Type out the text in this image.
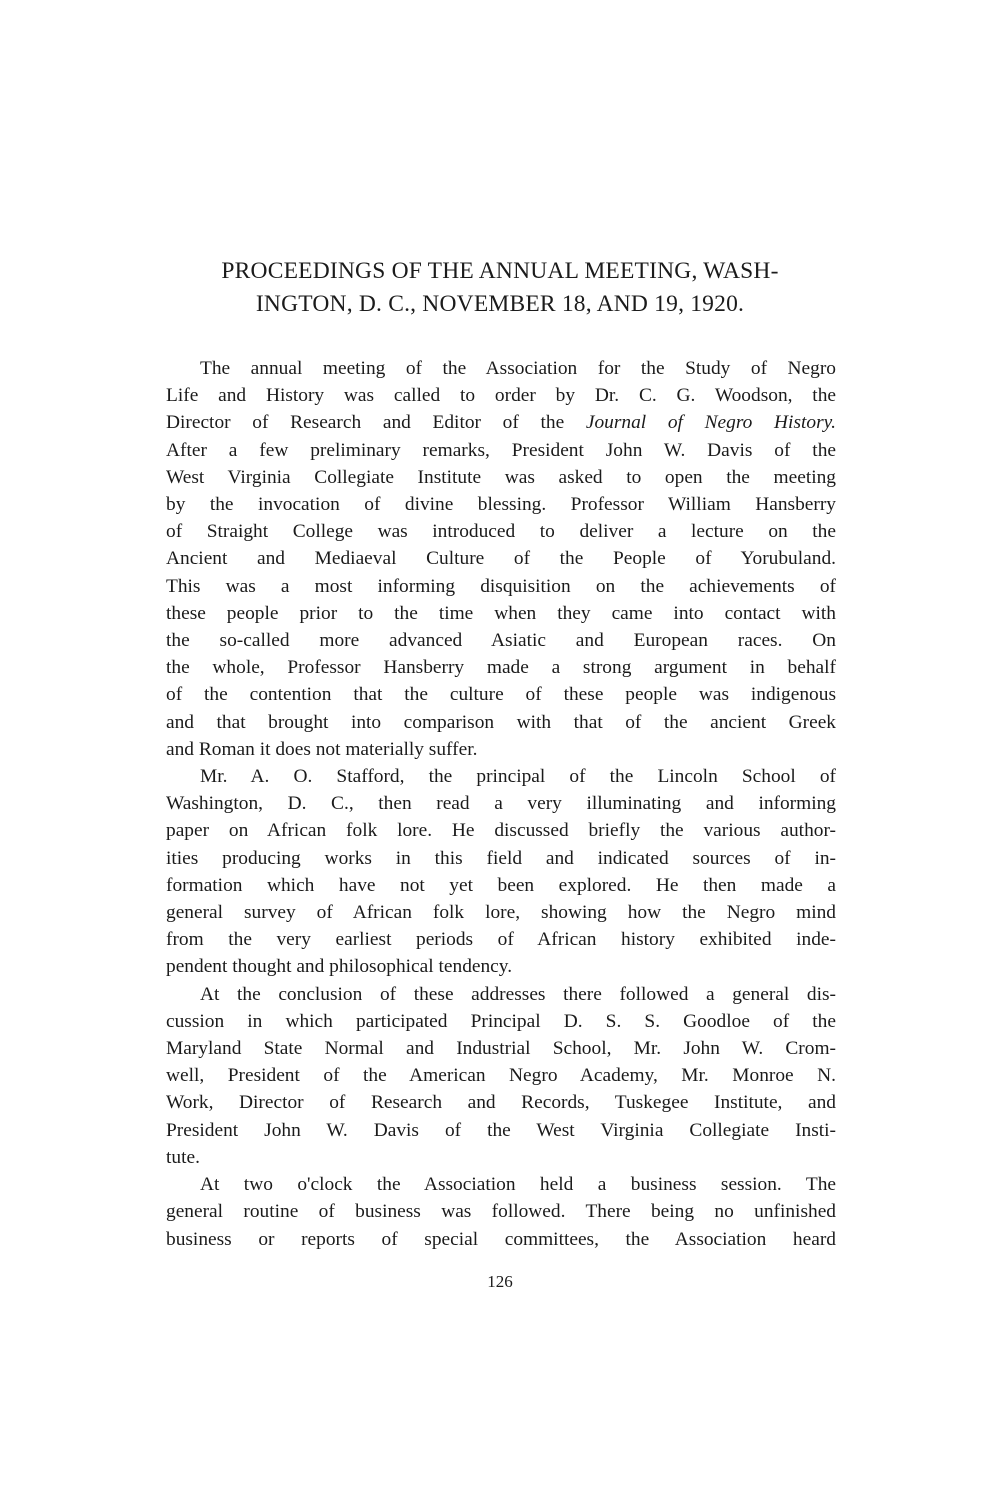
PROCEEDINGS OF THE ANNUAL MEETING, WASH-
INGTON, D. C., NOVEMBER 18, AND 19, 1920.

The annual meeting of the Association for the Study of Negro
Life and History was called to order by Dr. C. G. Woodson, the
Director of Research and Editor of the Journal of Negro History.
After a few preliminary remarks, President John W. Davis of the
West Virginia Collegiate Institute was asked to open the meeting
by the invocation of divine blessing. Professor William Hansberry
of Straight College was introduced to deliver a lecture on the
Ancient and Mediaeval Culture of the People of Yorubuland.
This was a most informing disquisition on the achievements of
these people prior to the time when they came into contact with
the so-called more advanced Asiatic and European races. On
the whole, Professor Hansberry made a strong argument in behalf
of the contention that the culture of these people was indigenous
and that brought into comparison with that of the ancient Greek
and Roman it does not materially suffer.

Mr. A. O. Stafford, the principal of the Lincoln School of
Washington, D. C., then read a very illuminating and informing
paper on African folk lore. He discussed briefly the various author-
ities producing works in this field and indicated sources of in-
formation which have not yet been explored. He then made a
general survey of African folk lore, showing how the Negro mind
from the very earliest periods of African history exhibited inde-
pendent thought and philosophical tendency.

At the conclusion of these addresses there followed a general dis-
cussion in which participated Principal D. S. S. Goodloe of the
Maryland State Normal and Industrial School, Mr. John W. Crom-
well, President of the American Negro Academy, Mr. Monroe N.
Work, Director of Research and Records, Tuskegee Institute, and
President John W. Davis of the West Virginia Collegiate Insti-
tute.

At two o'clock the Association held a business session. The
general routine of business was followed. There being no unfinished
business or reports of special committees, the Association heard

126
